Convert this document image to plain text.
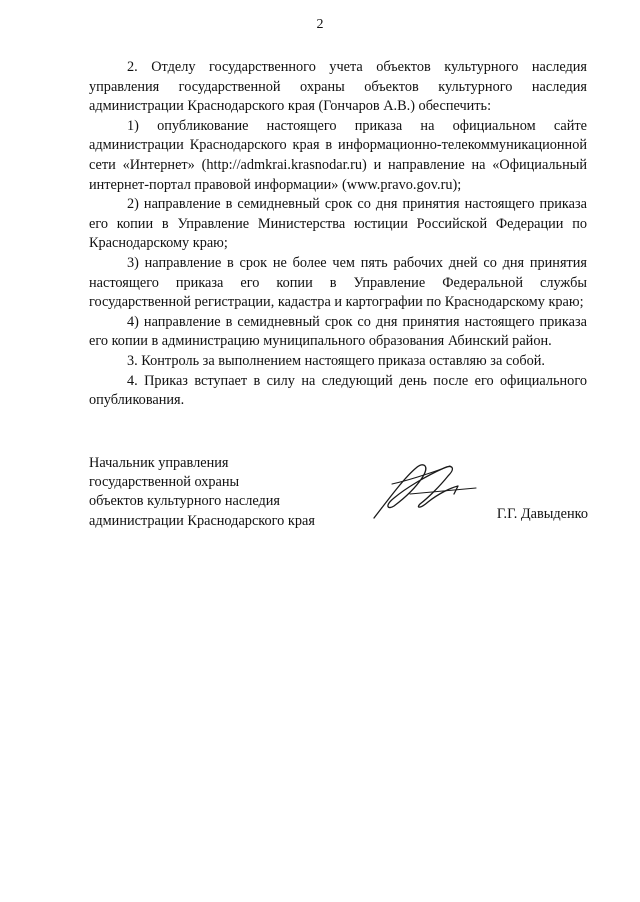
2

2. Отделу государственного учета объектов культурного наследия управления государственной охраны объектов культурного наследия администрации Краснодарского края (Гончаров А.В.) обеспечить:

1) опубликование настоящего приказа на официальном сайте администрации Краснодарского края в информационно-телекоммуникационной сети «Интернет» (http://admkrai.krasnodar.ru) и направление на «Официальный интернет-портал правовой информации» (www.pravo.gov.ru);

2) направление в семидневный срок со дня принятия настоящего приказа его копии в Управление Министерства юстиции Российской Федерации по Краснодарскому краю;

3) направление в срок не более чем пять рабочих дней со дня принятия настоящего приказа его копии в Управление Федеральной службы государственной регистрации, кадастра и картографии по Краснодарскому краю;

4) направление в семидневный срок со дня принятия настоящего приказа его копии в администрацию муниципального образования Абинский район.

3. Контроль за выполнением настоящего приказа оставляю за собой.

4. Приказ вступает в силу на следующий день после его официального опубликования.

Начальник управления
государственной охраны
объектов культурного наследия
администрации Краснодарского края	Г.Г. Давыденко
